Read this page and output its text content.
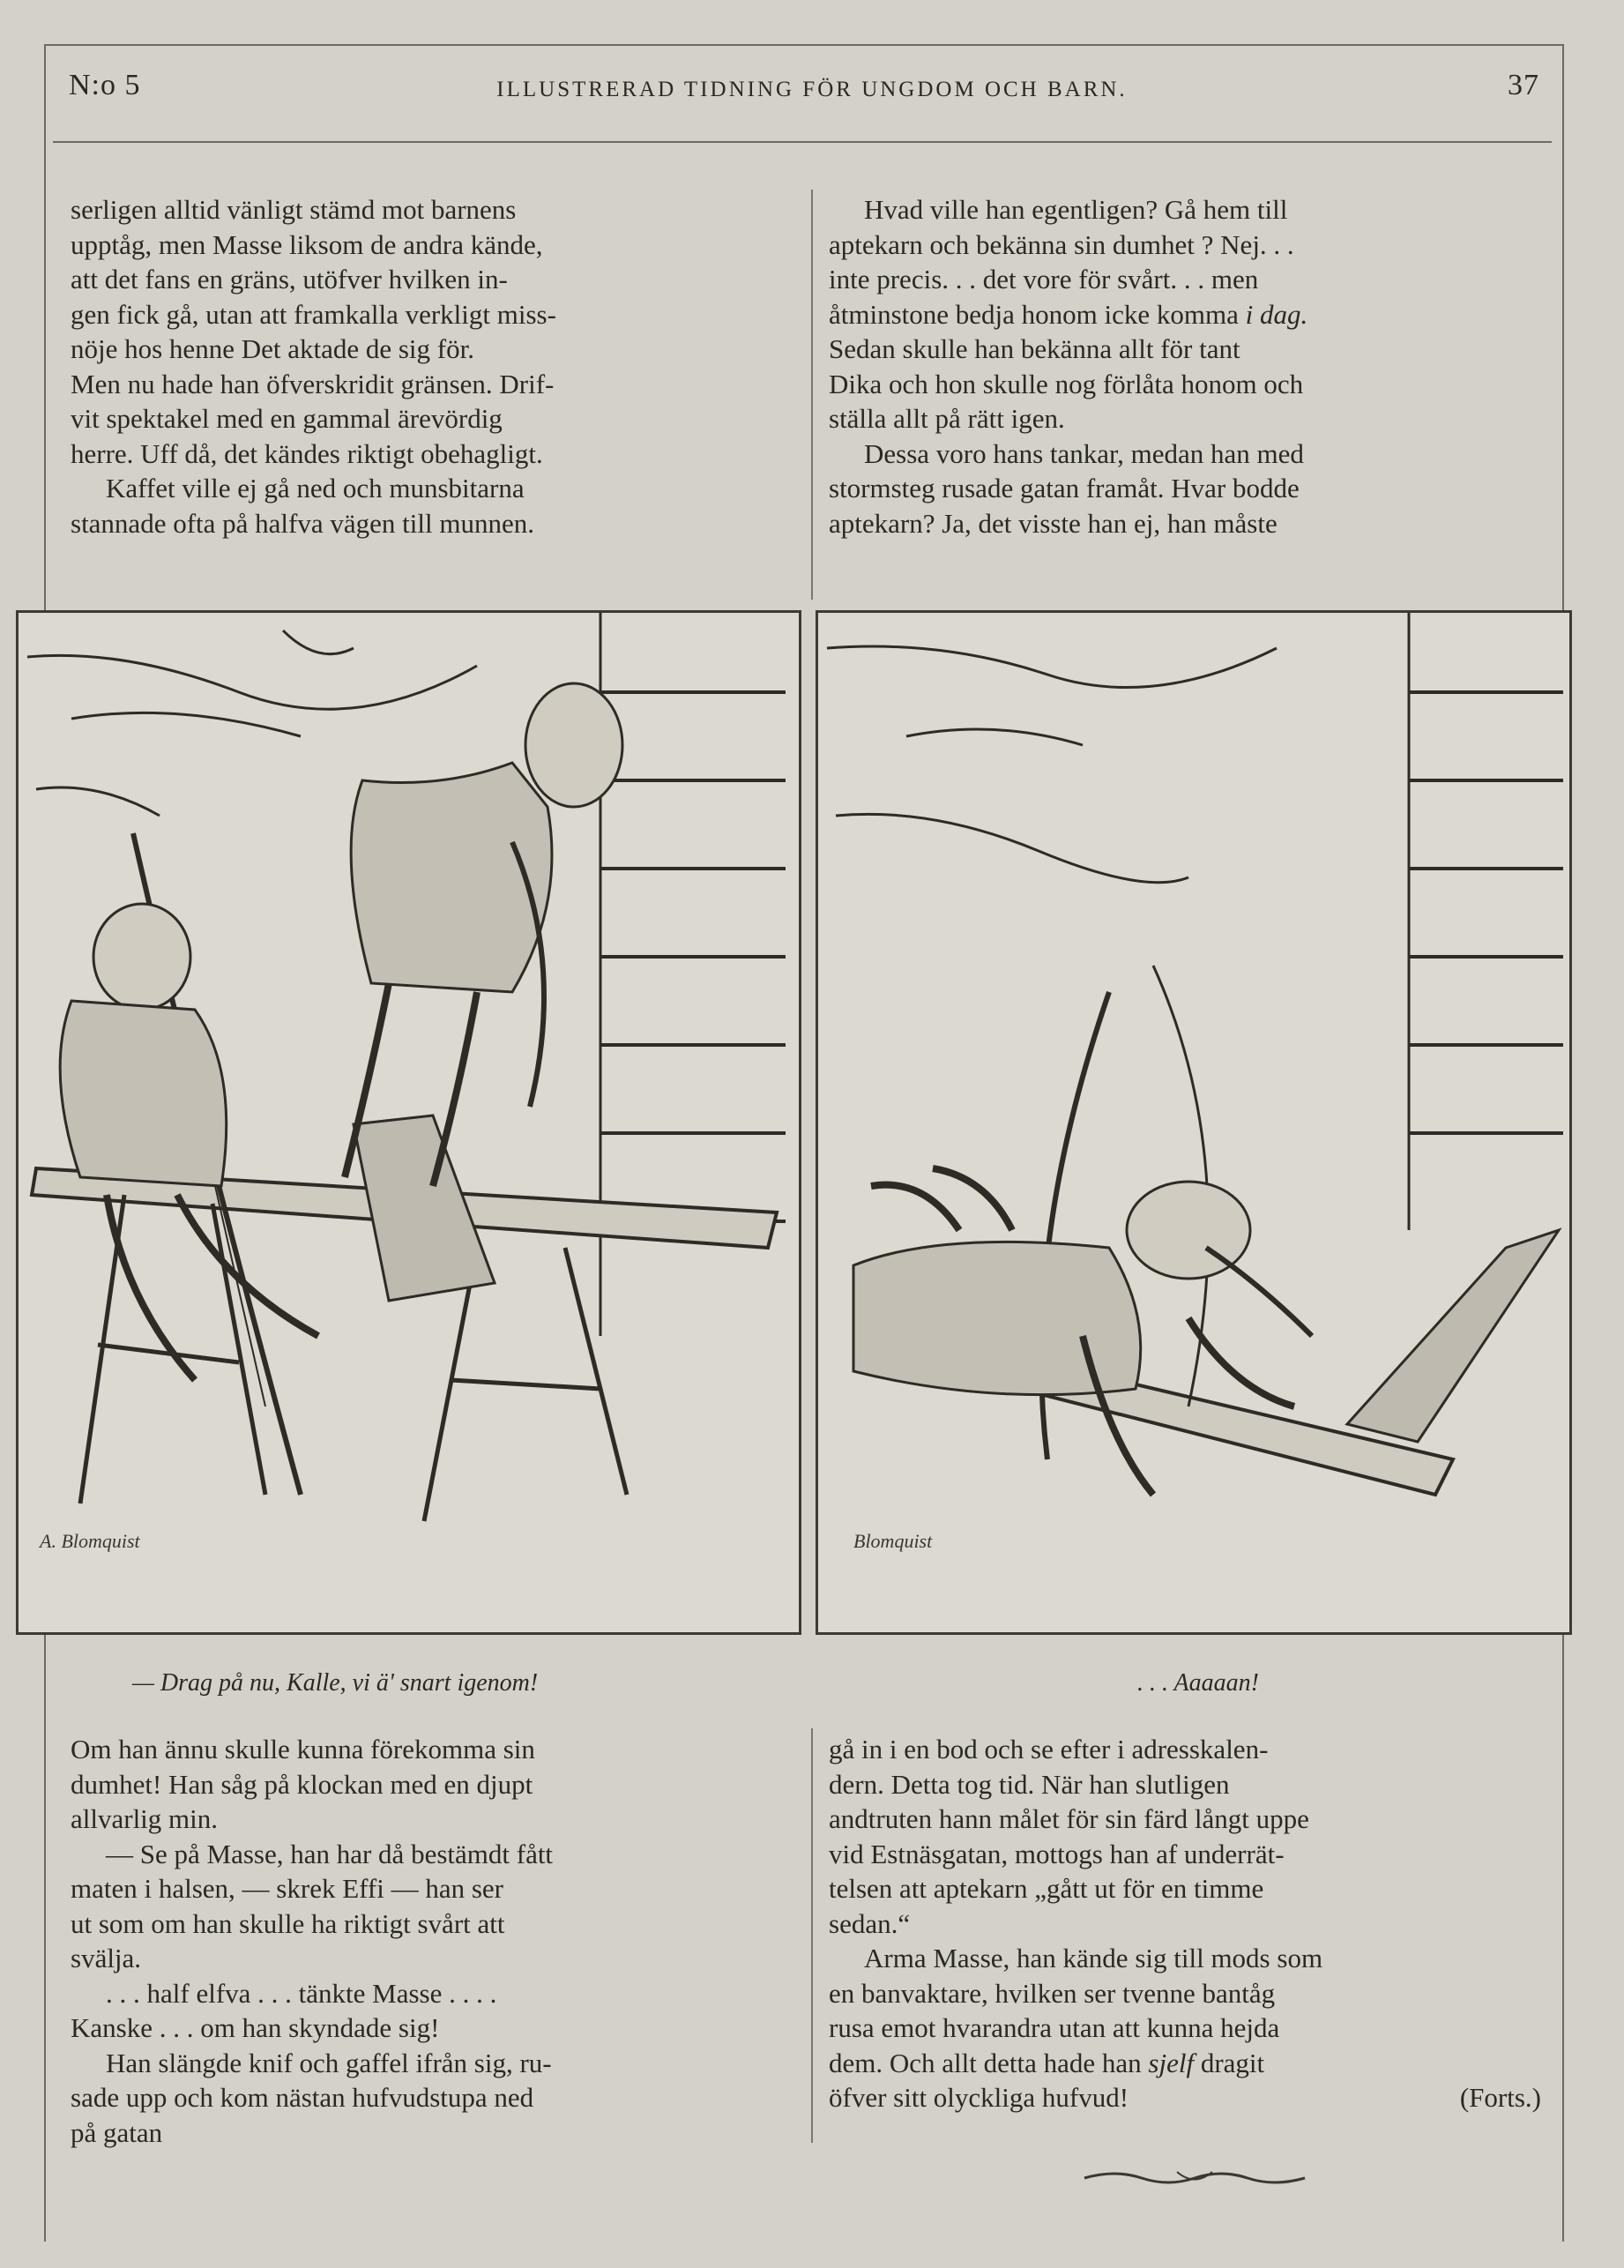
N:o 5	ILLUSTRERAD TIDNING FÖR UNGDOM OCH BARN.	37

serligen alltid vänligt stämd mot barnens

upptåg, men Masse liksom de andra kände,

att det fans en gräns, utöfver hvilken in-

gen fick gå, utan att framkalla verkligt miss-

nöje hos henne Det aktade de sig för.

Men nu hade han öfverskridit gränsen. Drif-

vit spektakel med en gammal ärevördig

herre. Uff då, det kändes riktigt obehagligt.

Kaffet ville ej gå ned och munsbitarna

stannade ofta på halfva vägen till munnen.

Hvad ville han egentligen? Gå hem till

aptekarn och bekänna sin dumhet ? Nej. . .

inte precis. . . det vore för svårt. . . men

åtminstone bedja honom icke komma i dag.

Sedan skulle han bekänna allt för tant

Dika och hon skulle nog förlåta honom och

ställa allt på rätt igen.

Dessa voro hans tankar, medan han med

stormsteg rusade gatan framåt. Hvar bodde

aptekarn? Ja, det visste han ej, han måste

A. Blomquist	Blomquist
— Drag på nu, Kalle, vi ä' snart igenom!	. . . Aaaaan!

Om han ännu skulle kunna förekomma sin

dumhet! Han såg på klockan med en djupt

allvarlig min.

— Se på Masse, han har då bestämdt fått

maten i halsen, — skrek Effi — han ser

ut som om han skulle ha riktigt svårt att

svälja.

. . . half elfva . . . tänkte Masse . . . .

Kanske . . . om han skyndade sig!

Han slängde knif och gaffel ifrån sig, ru-

sade upp och kom nästan hufvudstupa ned

på gatan

gå in i en bod och se efter i adresskalen-

dern. Detta tog tid. När han slutligen

andtruten hann målet för sin färd långt uppe

vid Estnäsgatan, mottogs han af underrät-

telsen att aptekarn „gått ut för en timme

sedan.“

Arma Masse, han kände sig till mods som

en banvaktare, hvilken ser tvenne bantåg

rusa emot hvarandra utan att kunna hejda

dem. Och allt detta hade han sjelf dragit

öfver sitt olyckliga hufvud!	(Forts.)
